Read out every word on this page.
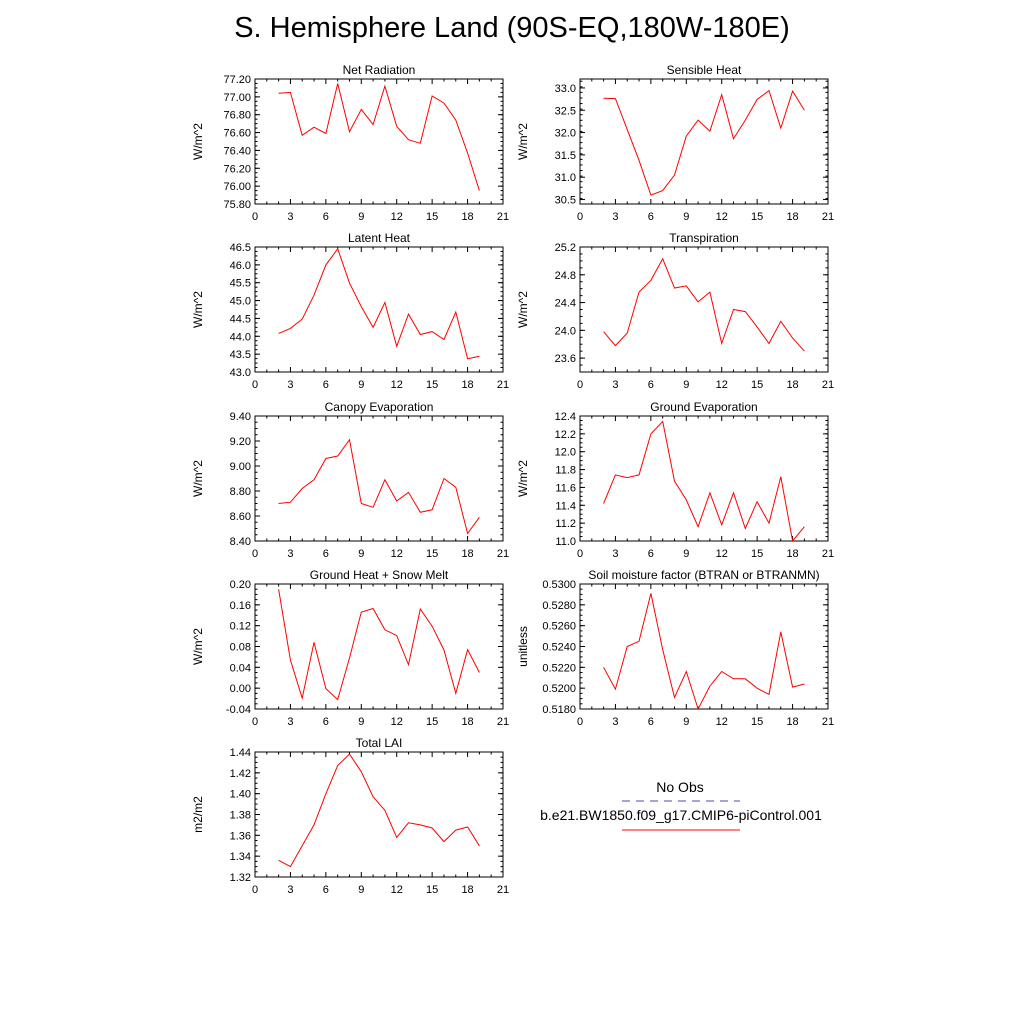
S. Hemisphere Land (90S-EQ,180W-180E)
Net Radiation
W/m^2
0	3	6	9 12 15 18 21
75.80
76.00
76.20
76.40
76.60
76.80
77.00
77.20
Sensible Heat
W/m^2
0	3	6	9 12 15 18 21
30.5
31.0
31.5
32.0
32.5
33.0
Latent Heat
W/m^2
0	3	6	9 12 15 18 21
43.0
43.5
44.0
44.5
45.0
45.5
46.0
46.5
Transpiration
W/m^2
0	3	6	9 12 15 18 21
23.6
24.0
24.4
24.8
25.2
Canopy Evaporation
W/m^2
0	3	6	9 12 15 18 21
8.40
8.60
8.80
9.00
9.20
9.40
Ground Evaporation
W/m^2
0	3	6	9 12 15 18 21
11.0
11.2
11.4
11.6
11.8
12.0
12.2
12.4
Ground Heat + Snow Melt
W/m^2
0	3	6	9 12 15 18 21
-0.04
0.00
0.04
0.08
0.12
0.16
0.20
Soil moisture factor (BTRAN or BTRANMN)
unitless
0	3	6	9 12 15 18 21
0.5180
0.5200
0.5220
0.5240
0.5260
0.5280
0.5300
Total LAI
m2/m2
0	3	6	9 12 15 18 21
1.32
1.34
1.36
1.38
1.40
1.42
1.44
No Obs
b.e21.BW1850.f09_g17.CMIP6-piControl.001
